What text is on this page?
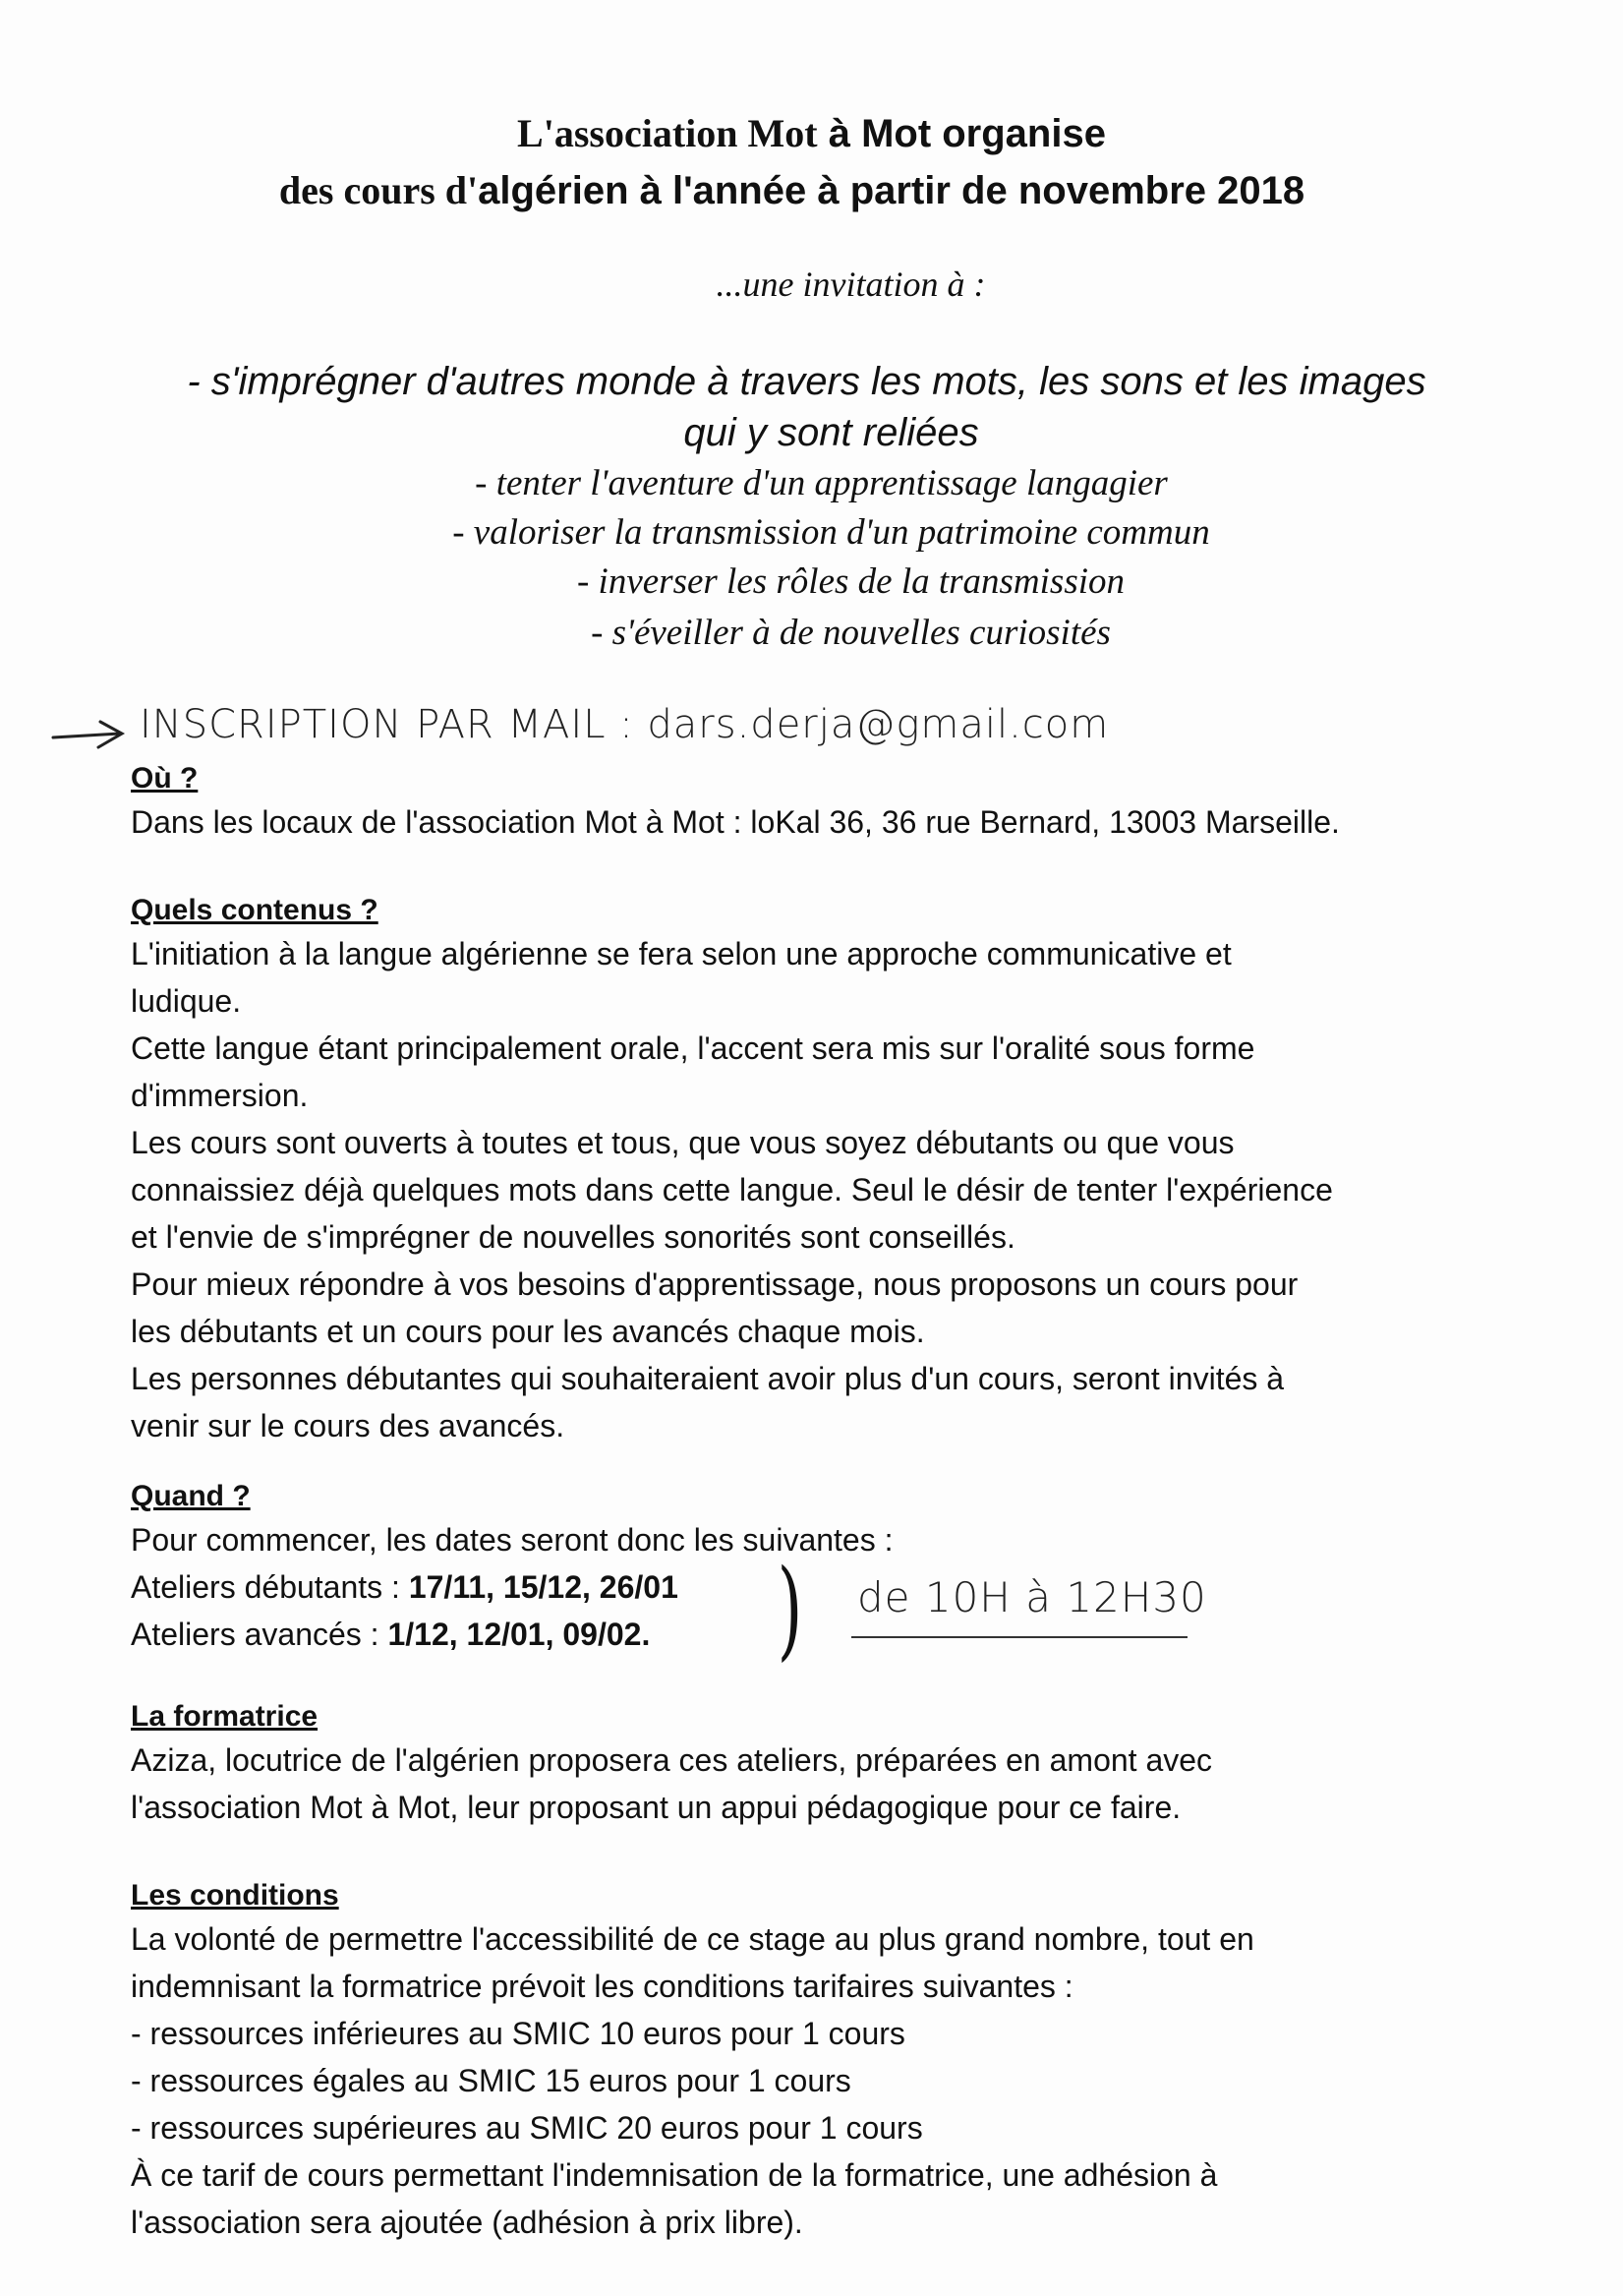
L'association Mot à Mot organise
des cours d'algérien à l'année à partir de novembre 2018
...une invitation à :
- s'imprégner d'autres monde à travers les mots, les sons et les images
qui y sont reliées
- tenter l'aventure d'un apprentissage langagier
- valoriser la transmission d'un patrimoine commun
- inverser les rôles de la transmission
- s'éveiller à de nouvelles curiosités
INSCRIPTION PAR MAIL : dars.derja@gmail.com
Où ?
Dans les locaux de l'association Mot à Mot : loKal 36, 36 rue Bernard, 13003 Marseille.
Quels contenus ?
L'initiation à la langue algérienne se fera selon une approche communicative et
ludique.
Cette langue étant principalement orale, l'accent sera mis sur l'oralité sous forme
d'immersion.
Les cours sont ouverts à toutes et tous, que vous soyez débutants ou que vous
connaissiez déjà quelques mots dans cette langue. Seul le désir de tenter l'expérience
et l'envie de s'imprégner de nouvelles sonorités sont conseillés.
Pour mieux répondre à vos besoins d'apprentissage, nous proposons un cours pour
les débutants et un cours pour les avancés chaque mois.
Les personnes débutantes qui souhaiteraient avoir plus d'un cours, seront invités à
venir sur le cours des avancés.
Quand ?
Pour commencer, les dates seront donc les suivantes :
Ateliers débutants : 17/11, 15/12, 26/01
Ateliers avancés : 1/12, 12/01, 09/02.	) de 10H à 12H30
La formatrice
Aziza, locutrice de l'algérien proposera ces ateliers, préparées en amont avec
l'association Mot à Mot, leur proposant un appui pédagogique pour ce faire.
Les conditions
La volonté de permettre l'accessibilité de ce stage au plus grand nombre, tout en
indemnisant la formatrice prévoit les conditions tarifaires suivantes :
- ressources inférieures au SMIC 10 euros pour 1 cours
- ressources égales au SMIC 15 euros pour 1 cours
- ressources supérieures au SMIC 20 euros pour 1 cours
À ce tarif de cours permettant l'indemnisation de la formatrice, une adhésion à
l'association sera ajoutée (adhésion à prix libre).
